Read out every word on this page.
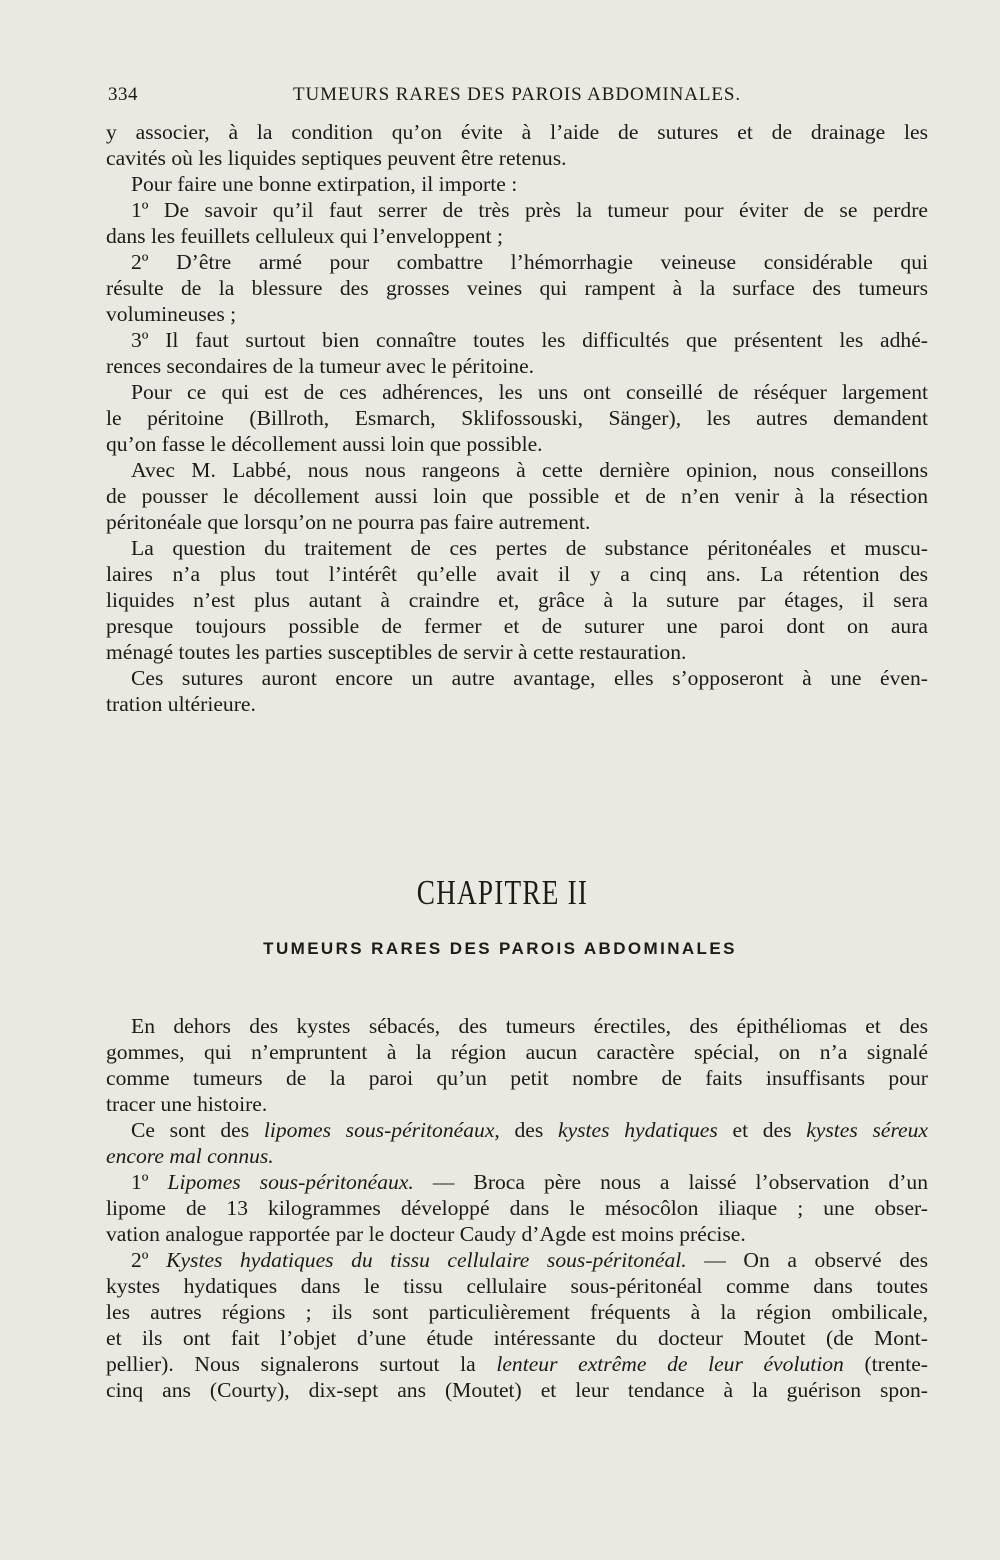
334	TUMEURS RARES DES PAROIS ABDOMINALES.
y associer, à la condition qu’on évite à l’aide de sutures et de drainage les
cavités où les liquides septiques peuvent être retenus.
Pour faire une bonne extirpation, il importe :
1º De savoir qu’il faut serrer de très près la tumeur pour éviter de se perdre
dans les feuillets celluleux qui l’enveloppent ;
2º D’être armé pour combattre l’hémorrhagie veineuse considérable qui
résulte de la blessure des grosses veines qui rampent à la surface des tumeurs
volumineuses ;
3º Il faut surtout bien connaître toutes les difficultés que présentent les adhé-
rences secondaires de la tumeur avec le péritoine.
Pour ce qui est de ces adhérences, les uns ont conseillé de réséquer largement
le péritoine (Billroth, Esmarch, Sklifossouski, Sänger), les autres demandent
qu’on fasse le décollement aussi loin que possible.
Avec M. Labbé, nous nous rangeons à cette dernière opinion, nous conseillons
de pousser le décollement aussi loin que possible et de n’en venir à la résection
péritonéale que lorsqu’on ne pourra pas faire autrement.
La question du traitement de ces pertes de substance péritonéales et muscu-
laires n’a plus tout l’intérêt qu’elle avait il y a cinq ans. La rétention des
liquides n’est plus autant à craindre et, grâce à la suture par étages, il sera
presque toujours possible de fermer et de suturer une paroi dont on aura
ménagé toutes les parties susceptibles de servir à cette restauration.
Ces sutures auront encore un autre avantage, elles s’opposeront à une éven-
tration ultérieure.
CHAPITRE II
TUMEURS RARES DES PAROIS ABDOMINALES
En dehors des kystes sébacés, des tumeurs érectiles, des épithéliomas et des
gommes, qui n’empruntent à la région aucun caractère spécial, on n’a signalé
comme tumeurs de la paroi qu’un petit nombre de faits insuffisants pour
tracer une histoire.
Ce sont des lipomes sous-péritonéaux, des kystes hydatiques et des kystes séreux
encore mal connus.
1º Lipomes sous-péritonéaux. — Broca père nous a laissé l’observation d’un
lipome de 13 kilogrammes développé dans le mésocôlon iliaque ; une obser-
vation analogue rapportée par le docteur Caudy d’Agde est moins précise.
2º Kystes hydatiques du tissu cellulaire sous-péritonéal. — On a observé des
kystes hydatiques dans le tissu cellulaire sous-péritonéal comme dans toutes
les autres régions ; ils sont particulièrement fréquents à la région ombilicale,
et ils ont fait l’objet d’une étude intéressante du docteur Moutet (de Mont-
pellier). Nous signalerons surtout la lenteur extrême de leur évolution (trente-
cinq ans (Courty), dix-sept ans (Moutet) et leur tendance à la guérison spon-
